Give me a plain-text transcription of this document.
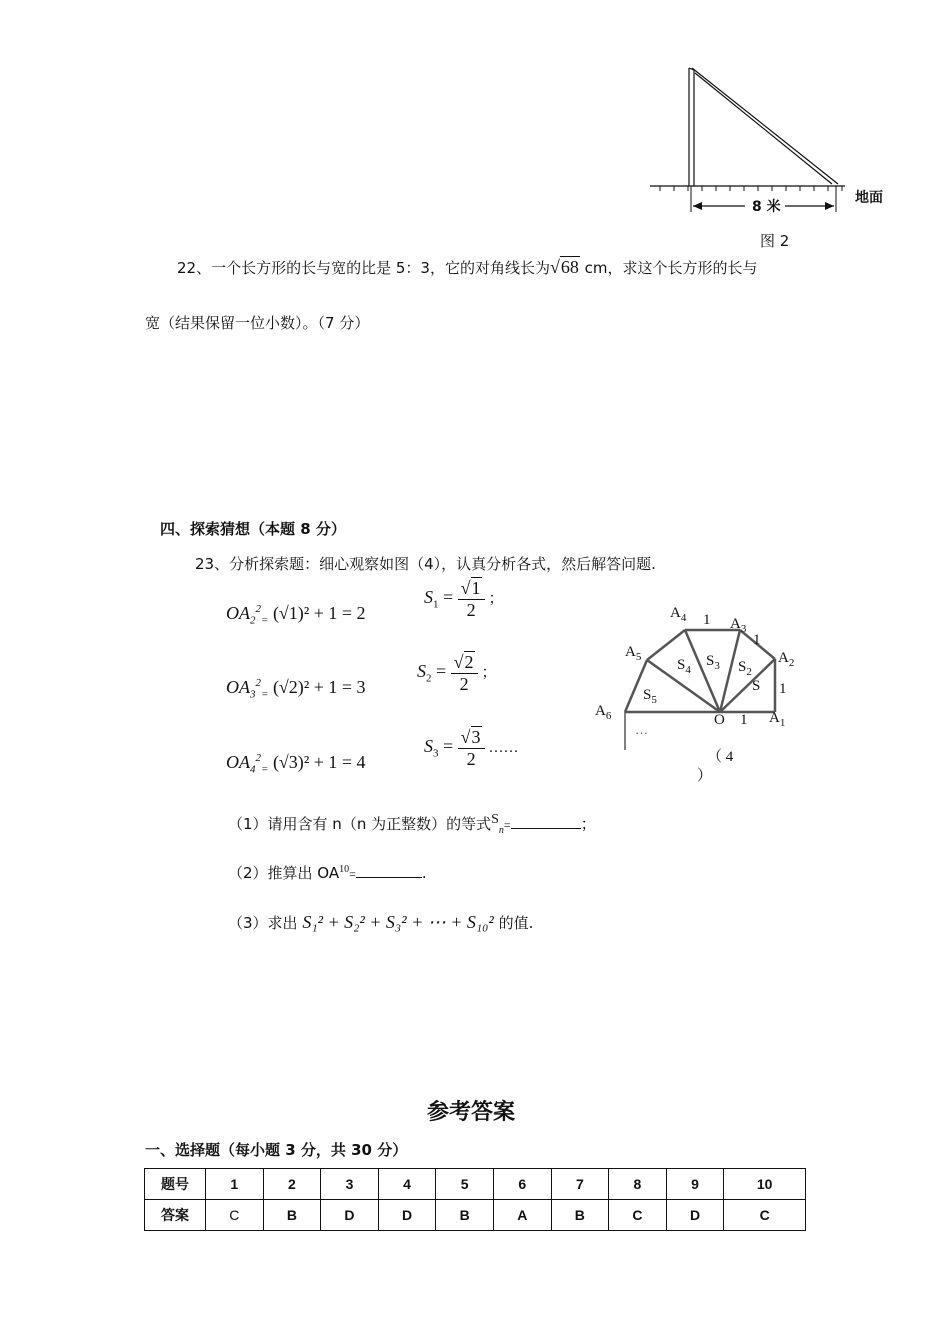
8 米
地面
图 2
22、一个长方形的长与宽的比是 5：3，它的对角线长为√68 cm，求这个长方形的长与
宽（结果保留一位小数）。（7 分）
四、探索猜想（本题 8 分）
23、分析探索题：细心观察如图（4），认真分析各式，然后解答问题.
$OA_2^2_=$ (√1)² + 1 = 2
$S_1 = \frac{√1}{2}$ ；
$OA_3^2_=$ (√2)² + 1 = 3
$S_2 = \frac{√2}{2}$ ；
$OA_4^2_=$ (√3)² + 1 = 4
$S_3 = \frac{√3}{2}$ ……
$A_4$ 1 $A_3$
1
$A_2$
1
$A_5$
$A_6$	O 1 $A_1$
$S_4$
$S_3$ $S_2$
S
$S_5$
…
（ 4
）
（1）请用含有 n（n 为正整数）的等式$^S_n$=	；
（2）推算出 $OA^{10}=$	.
（3）求出 S₁² + S₂² + S₃² + ⋯ + S₁₀² 的值.
参考答案
一、选择题（每小题 3 分，共 30 分）
题号	1	2	3	4	5	6	7	8	9	10
答案	C	B	D	D	B	A	B	C	D	C
